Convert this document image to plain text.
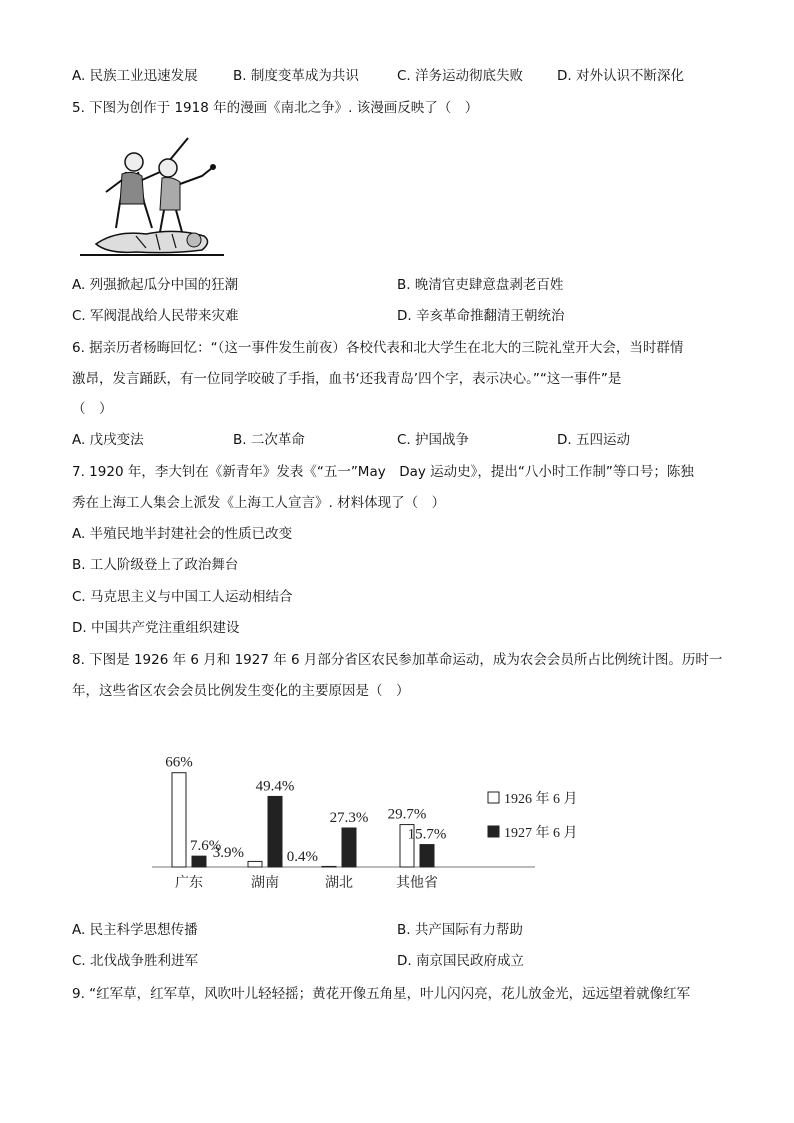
A. 民族工业迅速发展	B. 制度变革成为共识	C. 洋务运动彻底失败	D. 对外认识不断深化
5. 下图为创作于 1918 年的漫画《南北之争》. 该漫画反映了（　）
A. 列强掀起瓜分中国的狂潮	B. 晚清官吏肆意盘剥老百姓
C. 军阀混战给人民带来灾难	D. 辛亥革命推翻清王朝统治
6. 据亲历者杨晦回忆：“（这一事件发生前夜）各校代表和北大学生在北大的三院礼堂开大会，当时群情
激昂，发言踊跃，有一位同学咬破了手指，血书‘还我青岛’四个字，表示决心。”“这一事件”是
（　）
A. 戊戌变法	B. 二次革命	C. 护国战争	D. 五四运动
7. 1920 年，李大钊在《新青年》发表《“五一”May　Day 运动史》，提出“八小时工作制”等口号；陈独
秀在上海工人集会上派发《上海工人宣言》. 材料体现了（　）
A. 半殖民地半封建社会的性质已改变
B. 工人阶级登上了政治舞台
C. 马克思主义与中国工人运动相结合
D. 中国共产党注重组织建设
8. 下图是 1926 年 6 月和 1927 年 6 月部分省区农民参加革命运动，成为农会会员所占比例统计图。历时一
年，这些省区农会会员比例发生变化的主要原因是（　）
66%
7.6%
广东
3.9%
49.4%
湖南
0.4%
27.3%
湖北
29.7%
15.7%
其他省
1926 年 6 月
1927 年 6 月
A. 民主科学思想传播	B. 共产国际有力帮助
C. 北伐战争胜利进军	D. 南京国民政府成立
9. “红军草，红军草，风吹叶儿轻轻摇；黄花开像五角星，叶儿闪闪亮，花儿放金光，远远望着就像红军
